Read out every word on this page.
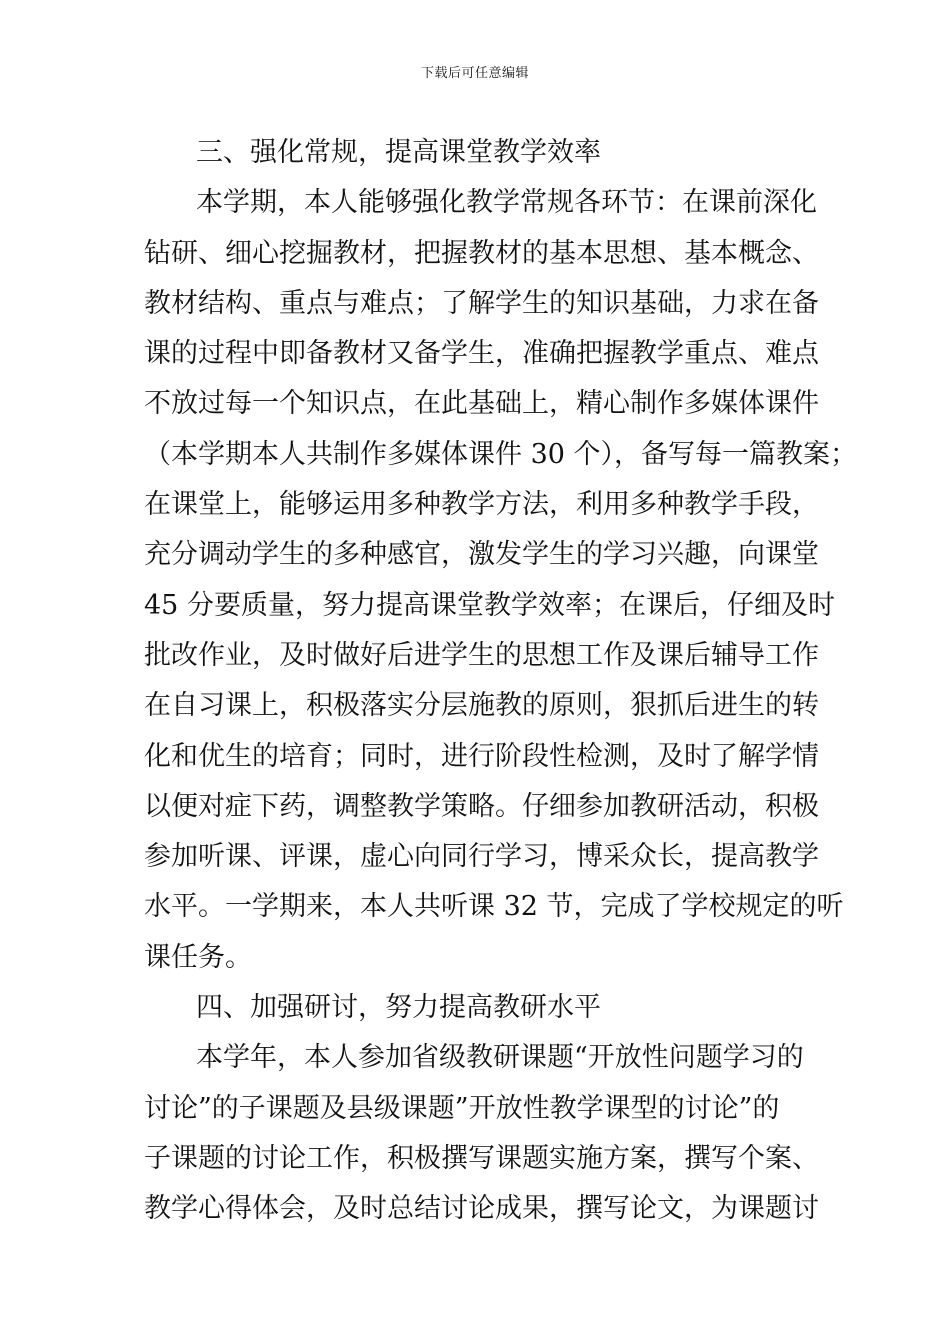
下载后可任意编辑
三、强化常规，提高课堂教学效率
本学期，本人能够强化教学常规各环节：在课前深化
钻研、细心挖掘教材，把握教材的基本思想、基本概念、
教材结构、重点与难点；了解学生的知识基础，力求在备
课的过程中即备教材又备学生，准确把握教学重点、难点
不放过每一个知识点，在此基础上，精心制作多媒体课件
（本学期本人共制作多媒体课件 30 个），备写每一篇教案；
在课堂上，能够运用多种教学方法，利用多种教学手段，
充分调动学生的多种感官，激发学生的学习兴趣，向课堂
45 分要质量，努力提高课堂教学效率；在课后，仔细及时
批改作业，及时做好后进学生的思想工作及课后辅导工作
在自习课上，积极落实分层施教的原则，狠抓后进生的转
化和优生的培育；同时，进行阶段性检测，及时了解学情
以便对症下药，调整教学策略。仔细参加教研活动，积极
参加听课、评课，虚心向同行学习，博采众长，提高教学
水平。一学期来，本人共听课 32 节，完成了学校规定的听
课任务。
四、加强研讨，努力提高教研水平
本学年，本人参加省级教研课题“开放性问题学习的
讨论”的子课题及县级课题”开放性教学课型的讨论”的
子课题的讨论工作，积极撰写课题实施方案，撰写个案、
教学心得体会，及时总结讨论成果，撰写论文，为课题讨
